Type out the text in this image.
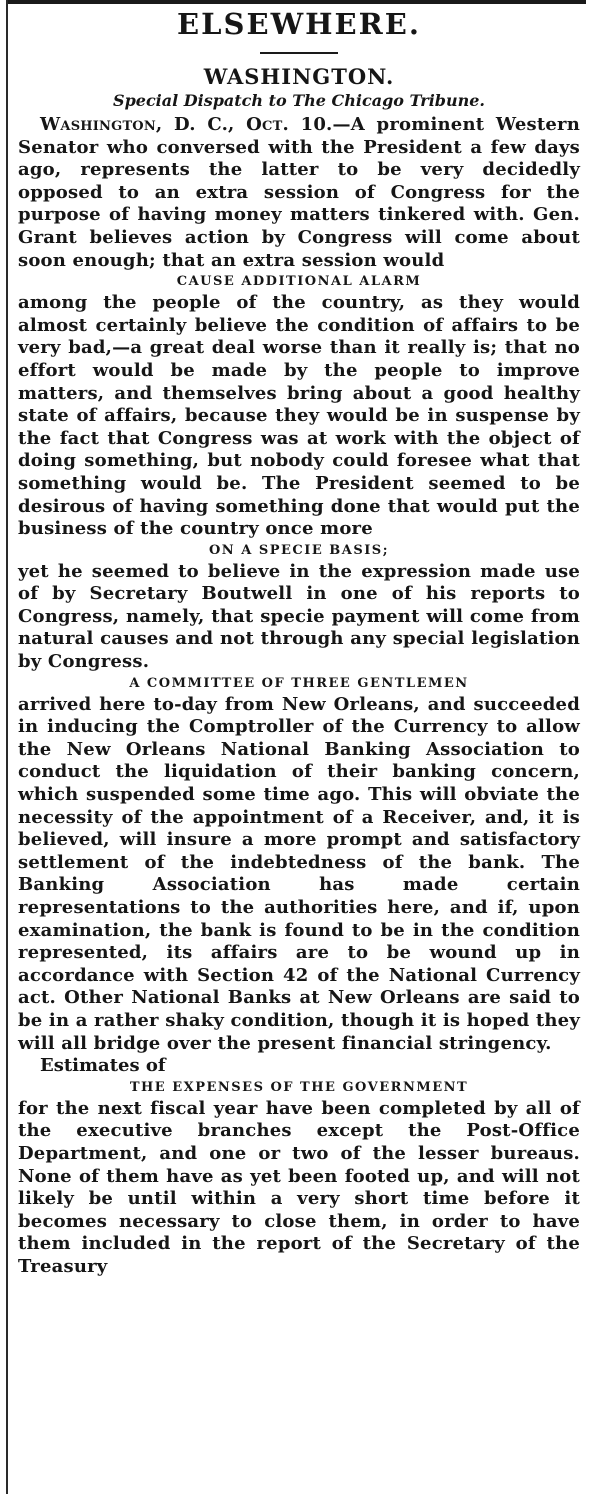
ELSEWHERE.
WASHINGTON.
Special Dispatch to The Chicago Tribune.

Washington, D. C., Oct. 10.—A prominent Western Senator who conversed with the President a few days ago, represents the latter to be very decidedly opposed to an extra session of Congress for the purpose of having money matters tinkered with. Gen. Grant believes action by Congress will come about soon enough; that an extra session would

CAUSE ADDITIONAL ALARM

among the people of the country, as they would almost certainly believe the condition of affairs to be very bad,—a great deal worse than it really is; that no effort would be made by the people to improve matters, and themselves bring about a good healthy state of affairs, because they would be in suspense by the fact that Congress was at work with the object of doing something, but nobody could foresee what that something would be. The President seemed to be desirous of having something done that would put the business of the country once more

ON A SPECIE BASIS;

yet he seemed to believe in the expression made use of by Secretary Boutwell in one of his reports to Congress, namely, that specie payment will come from natural causes and not through any special legislation by Congress.

A COMMITTEE OF THREE GENTLEMEN

arrived here to-day from New Orleans, and succeeded in inducing the Comptroller of the Currency to allow the New Orleans National Banking Association to conduct the liquidation of their banking concern, which suspended some time ago. This will obviate the necessity of the appointment of a Receiver, and, it is believed, will insure a more prompt and satisfactory settlement of the indebtedness of the bank. The Banking Association has made certain representations to the authorities here, and if, upon examination, the bank is found to be in the condition represented, its affairs are to be wound up in accordance with Section 42 of the National Currency act. Other National Banks at New Orleans are said to be in a rather shaky condition, though it is hoped they will all bridge over the present financial stringency.

Estimates of
THE EXPENSES OF THE GOVERNMENT

for the next fiscal year have been completed by all of the executive branches except the Post-Office Department, and one or two of the lesser bureaus. None of them have as yet been footed up, and will not likely be until within a very short time before it becomes necessary to close them, in order to have them included in the report of the Secretary of the Treasury
